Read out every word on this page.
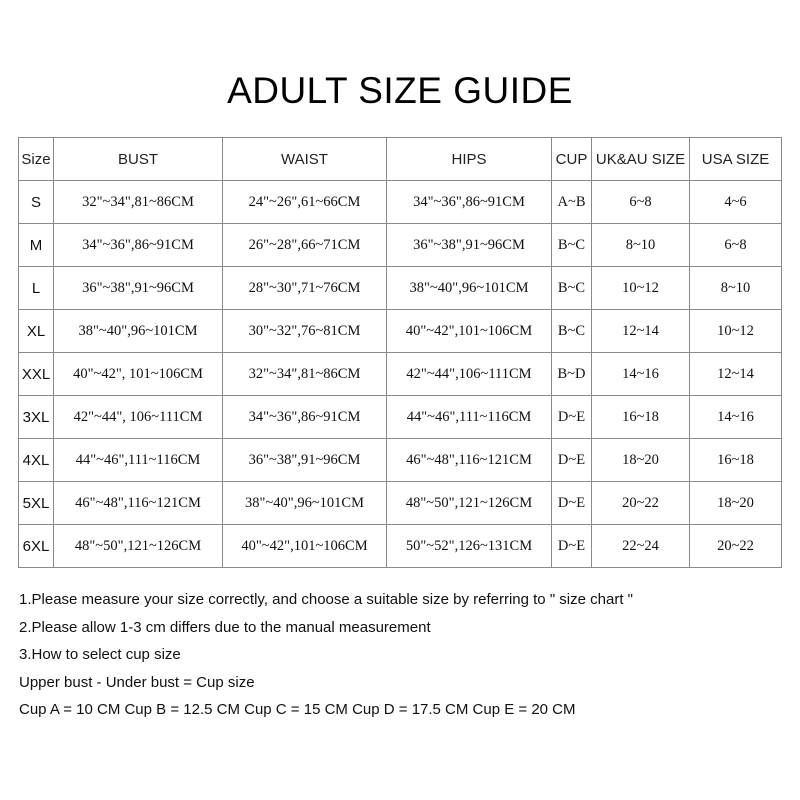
ADULT SIZE GUIDE
Size	BUST	WAIST	HIPS	CUP	UK&AU SIZE	USA SIZE
S	32"~34",81~86CM	24"~26",61~66CM	34"~36",86~91CM	A~B	6~8	4~6
M	34"~36",86~91CM	26"~28",66~71CM	36"~38",91~96CM	B~C	8~10	6~8
L	36"~38",91~96CM	28"~30",71~76CM	38"~40",96~101CM	B~C	10~12	8~10
XL	38"~40",96~101CM	30"~32",76~81CM	40"~42",101~106CM	B~C	12~14	10~12
XXL	40"~42", 101~106CM	32"~34",81~86CM	42"~44",106~111CM	B~D	14~16	12~14
3XL	42"~44", 106~111CM	34"~36",86~91CM	44"~46",111~116CM	D~E	16~18	14~16
4XL	44"~46",111~116CM	36"~38",91~96CM	46"~48",116~121CM	D~E	18~20	16~18
5XL	46"~48",116~121CM	38"~40",96~101CM	48"~50",121~126CM	D~E	20~22	18~20
6XL	48"~50",121~126CM	40"~42",101~106CM	50"~52",126~131CM	D~E	22~24	20~22
1.Please measure your size correctly, and choose a suitable size by referring to " size chart "
2.Please allow 1-3 cm differs due to the manual measurement
3.How to select cup size
Upper bust - Under bust = Cup size
Cup A = 10 CM Cup B = 12.5 CM Cup C = 15 CM Cup D = 17.5 CM Cup E = 20 CM
